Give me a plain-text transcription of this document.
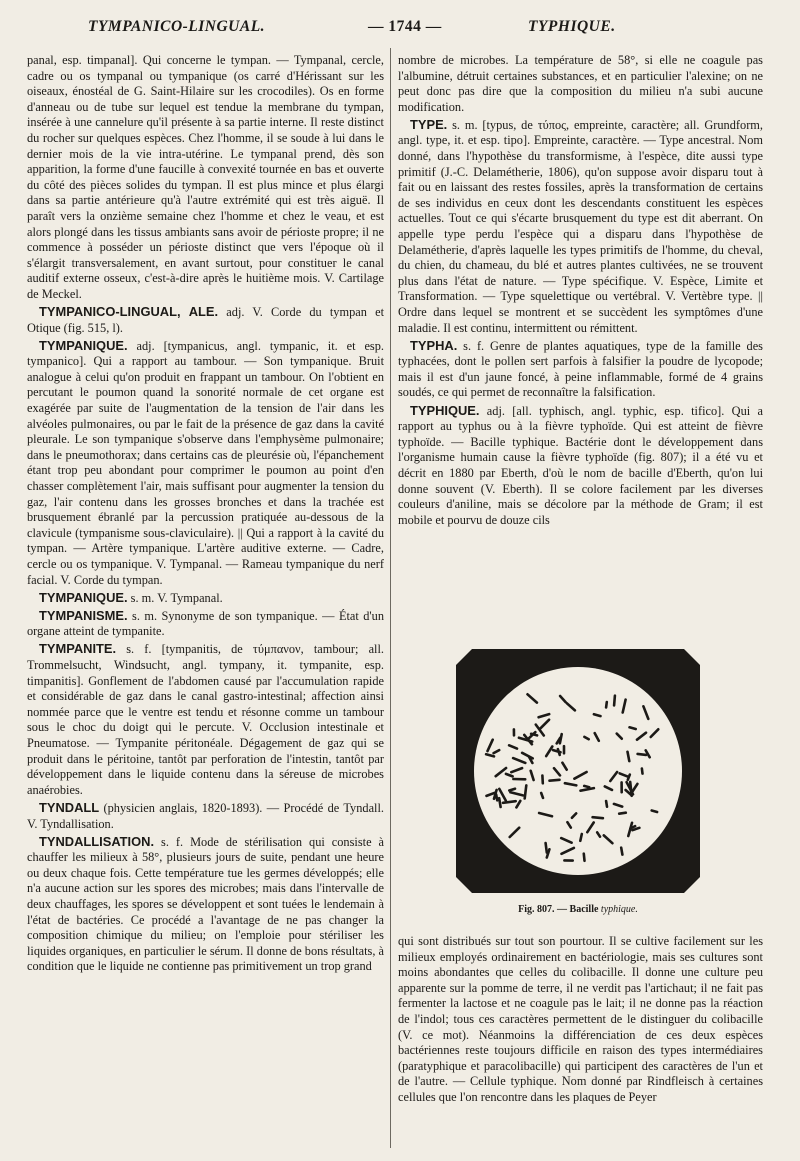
TYMPANICO-LINGUAL.	— 1744 —	TYPHIQUE.

panal, esp. timpanal]. Qui concerne le tympan. — Tympanal, cercle, cadre ou os tympanal ou tympanique (os carré d'Hérissant sur les oiseaux, énostéal de G. Saint-Hilaire sur les crocodiles). Os en forme d'anneau ou de tube sur lequel est tendue la membrane du tympan, insérée à une cannelure qu'il présente à sa partie interne. Il reste distinct du rocher sur quelques espèces. Chez l'homme, il se soude à lui dans le dernier mois de la vie intra-utérine. Le tympanal prend, dès son apparition, la forme d'une faucille à convexité tournée en bas et ouverte du côté des pièces solides du tympan. Il est plus mince et plus élargi dans sa partie antérieure qu'à l'autre extrémité qui est très aiguë. Il paraît vers la onzième semaine chez l'homme et chez le veau, et est alors plongé dans les tissus ambiants sans avoir de périoste propre; il ne commence à posséder un périoste distinct que vers l'époque où il s'élargit transversalement, en avant surtout, pour constituer le canal auditif externe osseux, c'est-à-dire après le huitième mois. V. Cartilage de Meckel.

TYMPANICO-LINGUAL, ALE. adj. V. Corde du tympan et Otique (fig. 515, l).

TYMPANIQUE. adj. [tympanicus, angl. tympanic, it. et esp. tympanico]. Qui a rapport au tambour. — Son tympanique. Bruit analogue à celui qu'on produit en frappant un tambour. On l'obtient en percutant le poumon quand la sonorité normale de cet organe est exagérée par suite de l'augmentation de la tension de l'air dans les alvéoles pulmonaires, ou par le fait de la présence de gaz dans la cavité pleurale. Le son tympanique s'observe dans l'emphysème pulmonaire; dans le pneumothorax; dans certains cas de pleurésie où, l'épanchement étant trop peu abondant pour comprimer le poumon au point d'en chasser complètement l'air, mais suffisant pour augmenter la tension du gaz, l'air contenu dans les grosses bronches et dans la trachée est brusquement ébranlé par la percussion pratiquée au-dessous de la clavicule (tympanisme sous-claviculaire). || Qui a rapport à la cavité du tympan. — Artère tympanique. L'artère auditive externe. — Cadre, cercle ou os tympanique. V. Tympanal. — Rameau tympanique du nerf facial. V. Corde du tympan.

TYMPANIQUE. s. m. V. Tympanal.

TYMPANISME. s. m. Synonyme de son tympanique. — État d'un organe atteint de tympanite.

TYMPANITE. s. f. [tympanitis, de τύμπανον, tambour; all. Trommelsucht, Windsucht, angl. tympany, it. tympanite, esp. timpanitis]. Gonflement de l'abdomen causé par l'accumulation rapide et considérable de gaz dans le canal gastro-intestinal; affection ainsi nommée parce que le ventre est tendu et résonne comme un tambour sous le choc du doigt qui le percute. V. Occlusion intestinale et Pneumatose. — Tympanite péritonéale. Dégagement de gaz qui se produit dans le péritoine, tantôt par perforation de l'intestin, tantôt par développement dans le liquide contenu dans la séreuse de microbes anaérobies.

TYNDALL (physicien anglais, 1820-1893). — Procédé de Tyndall. V. Tyndallisation.

TYNDALLISATION. s. f. Mode de stérilisation qui consiste à chauffer les milieux à 58°, plusieurs jours de suite, pendant une heure ou deux chaque fois. Cette température tue les germes développés; elle n'a aucune action sur les spores des microbes; mais dans l'intervalle de deux chauffages, les spores se développent et sont tuées le lendemain à l'état de bactéries. Ce procédé a l'avantage de ne pas changer la composition chimique du milieu; on l'emploie pour stériliser les liquides organiques, en particulier le sérum. Il donne de bons résultats, à condition que le liquide ne contienne pas primitivement un trop grand

nombre de microbes. La température de 58°, si elle ne coagule pas l'albumine, détruit certaines substances, et en particulier l'alexine; on ne peut donc pas dire que la composition du milieu n'a subi aucune modification.

TYPE. s. m. [typus, de τύπος, empreinte, caractère; all. Grundform, angl. type, it. et esp. tipo]. Empreinte, caractère. — Type ancestral. Nom donné, dans l'hypothèse du transformisme, à l'espèce, dite aussi type primitif (J.-C. Delamétherie, 1806), qu'on suppose avoir disparu tout à fait ou en laissant des restes fossiles, après la transformation de certains de ses individus en ceux dont les descendants constituent les espèces actuelles. Tout ce qui s'écarte brusquement du type est dit aberrant. On appelle type perdu l'espèce qui a disparu dans l'hypothèse de Delamétherie, d'après laquelle les types primitifs de l'homme, du cheval, du chien, du chameau, du blé et autres plantes cultivées, ne se trouvent plus dans l'état de nature. — Type spécifique. V. Espèce, Limite et Transformation. — Type squelettique ou vertébral. V. Vertèbre type. || Ordre dans lequel se montrent et se succèdent les symptômes d'une maladie. Il est continu, intermittent ou rémittent.

TYPHA. s. f. Genre de plantes aquatiques, type de la famille des typhacées, dont le pollen sert parfois à falsifier la poudre de lycopode; mais il est d'un jaune foncé, à peine inflammable, formé de 4 grains soudés, ce qui permet de reconnaître la falsification.

TYPHIQUE. adj. [all. typhisch, angl. typhic, esp. tifico]. Qui a rapport au typhus ou à la fièvre typhoïde. Qui est atteint de fièvre typhoïde. — Bacille typhique. Bactérie dont le développement dans l'organisme humain cause la fièvre typhoïde (fig. 807); il a été vu et décrit en 1880 par Eberth, d'où le nom de bacille d'Eberth, qu'on lui donne souvent (V. Eberth). Il se colore facilement par les diverses couleurs d'aniline, mais se décolore par la méthode de Gram; il est mobile et pourvu de douze cils

Fig. 807. — Bacille typhique.

qui sont distribués sur tout son pourtour. Il se cultive facilement sur les milieux employés ordinairement en bactériologie, mais ses cultures sont moins abondantes que celles du colibacille. Il donne une culture peu apparente sur la pomme de terre, il ne verdit pas l'artichaut; il ne fait pas fermenter la lactose et ne coagule pas le lait; il ne donne pas la réaction de l'indol; tous ces caractères permettent de le distinguer du colibacille (V. ce mot). Néanmoins la différenciation de ces deux espèces bactériennes reste toujours difficile en raison des types intermédiaires (paratyphique et paracolibacille) qui participent des caractères de l'un et de l'autre. — Cellule typhique. Nom donné par Rindfleisch à certaines cellules que l'on rencontre dans les plaques de Peyer
